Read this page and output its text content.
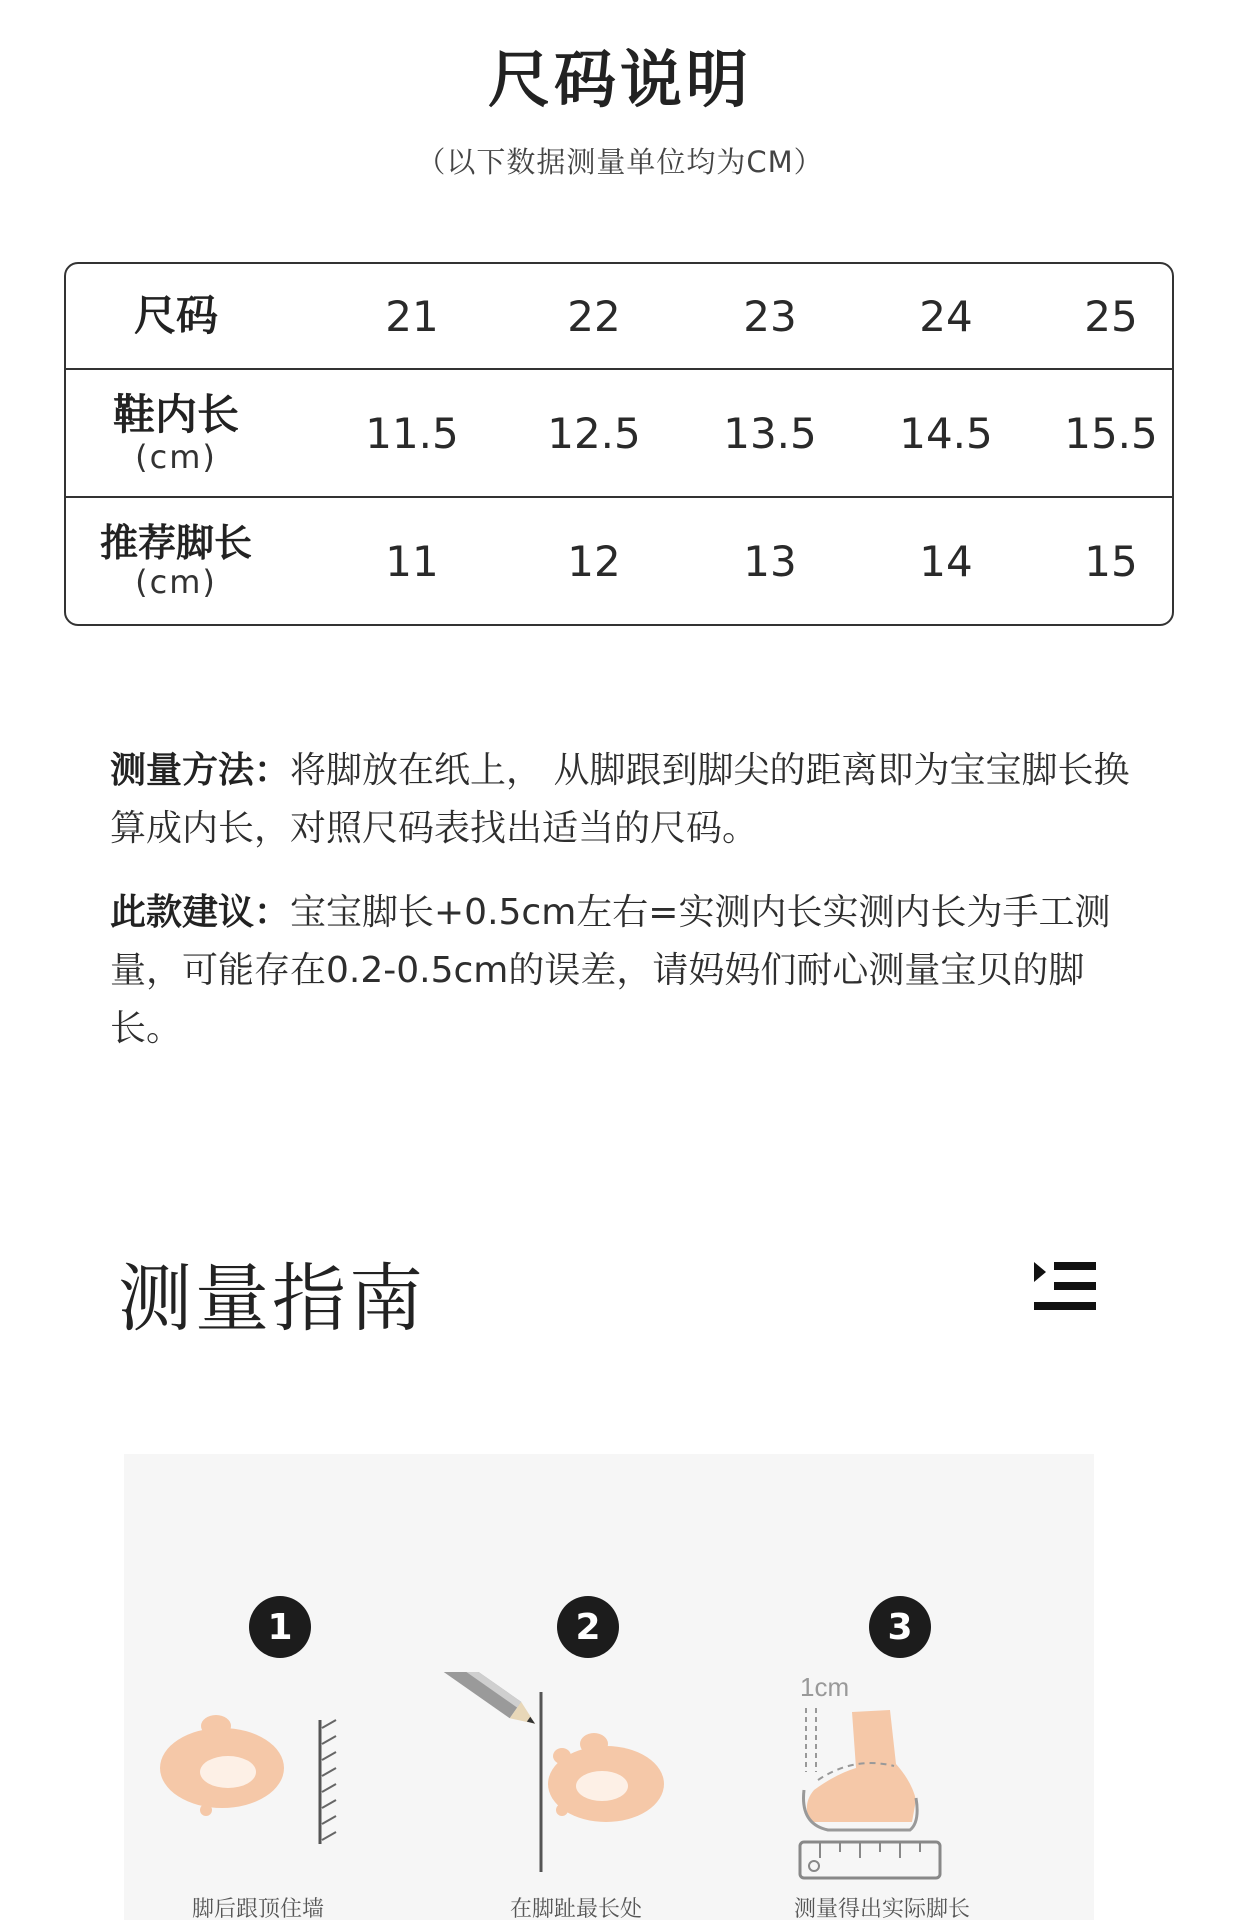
尺码说明
（以下数据测量单位均为CM）
尺码	21	22	23	24	25
鞋内长
(cm)	11.5	12.5	13.5	14.5	15.5
推荐脚长
(cm)	11	12	13	14	15
测量方法：将脚放在纸上， 从脚跟到脚尖的距离即为宝宝脚长换算成内长，对照尺码表找出适当的尺码。
此款建议：宝宝脚长+0.5cm左右=实测内长实测内长为手工测量，可能存在0.2-0.5cm的误差，请妈妈们耐心测量宝贝的脚长。
测量指南
1
脚后跟顶住墙
2
在脚趾最长处
3
1cm
测量得出实际脚长
